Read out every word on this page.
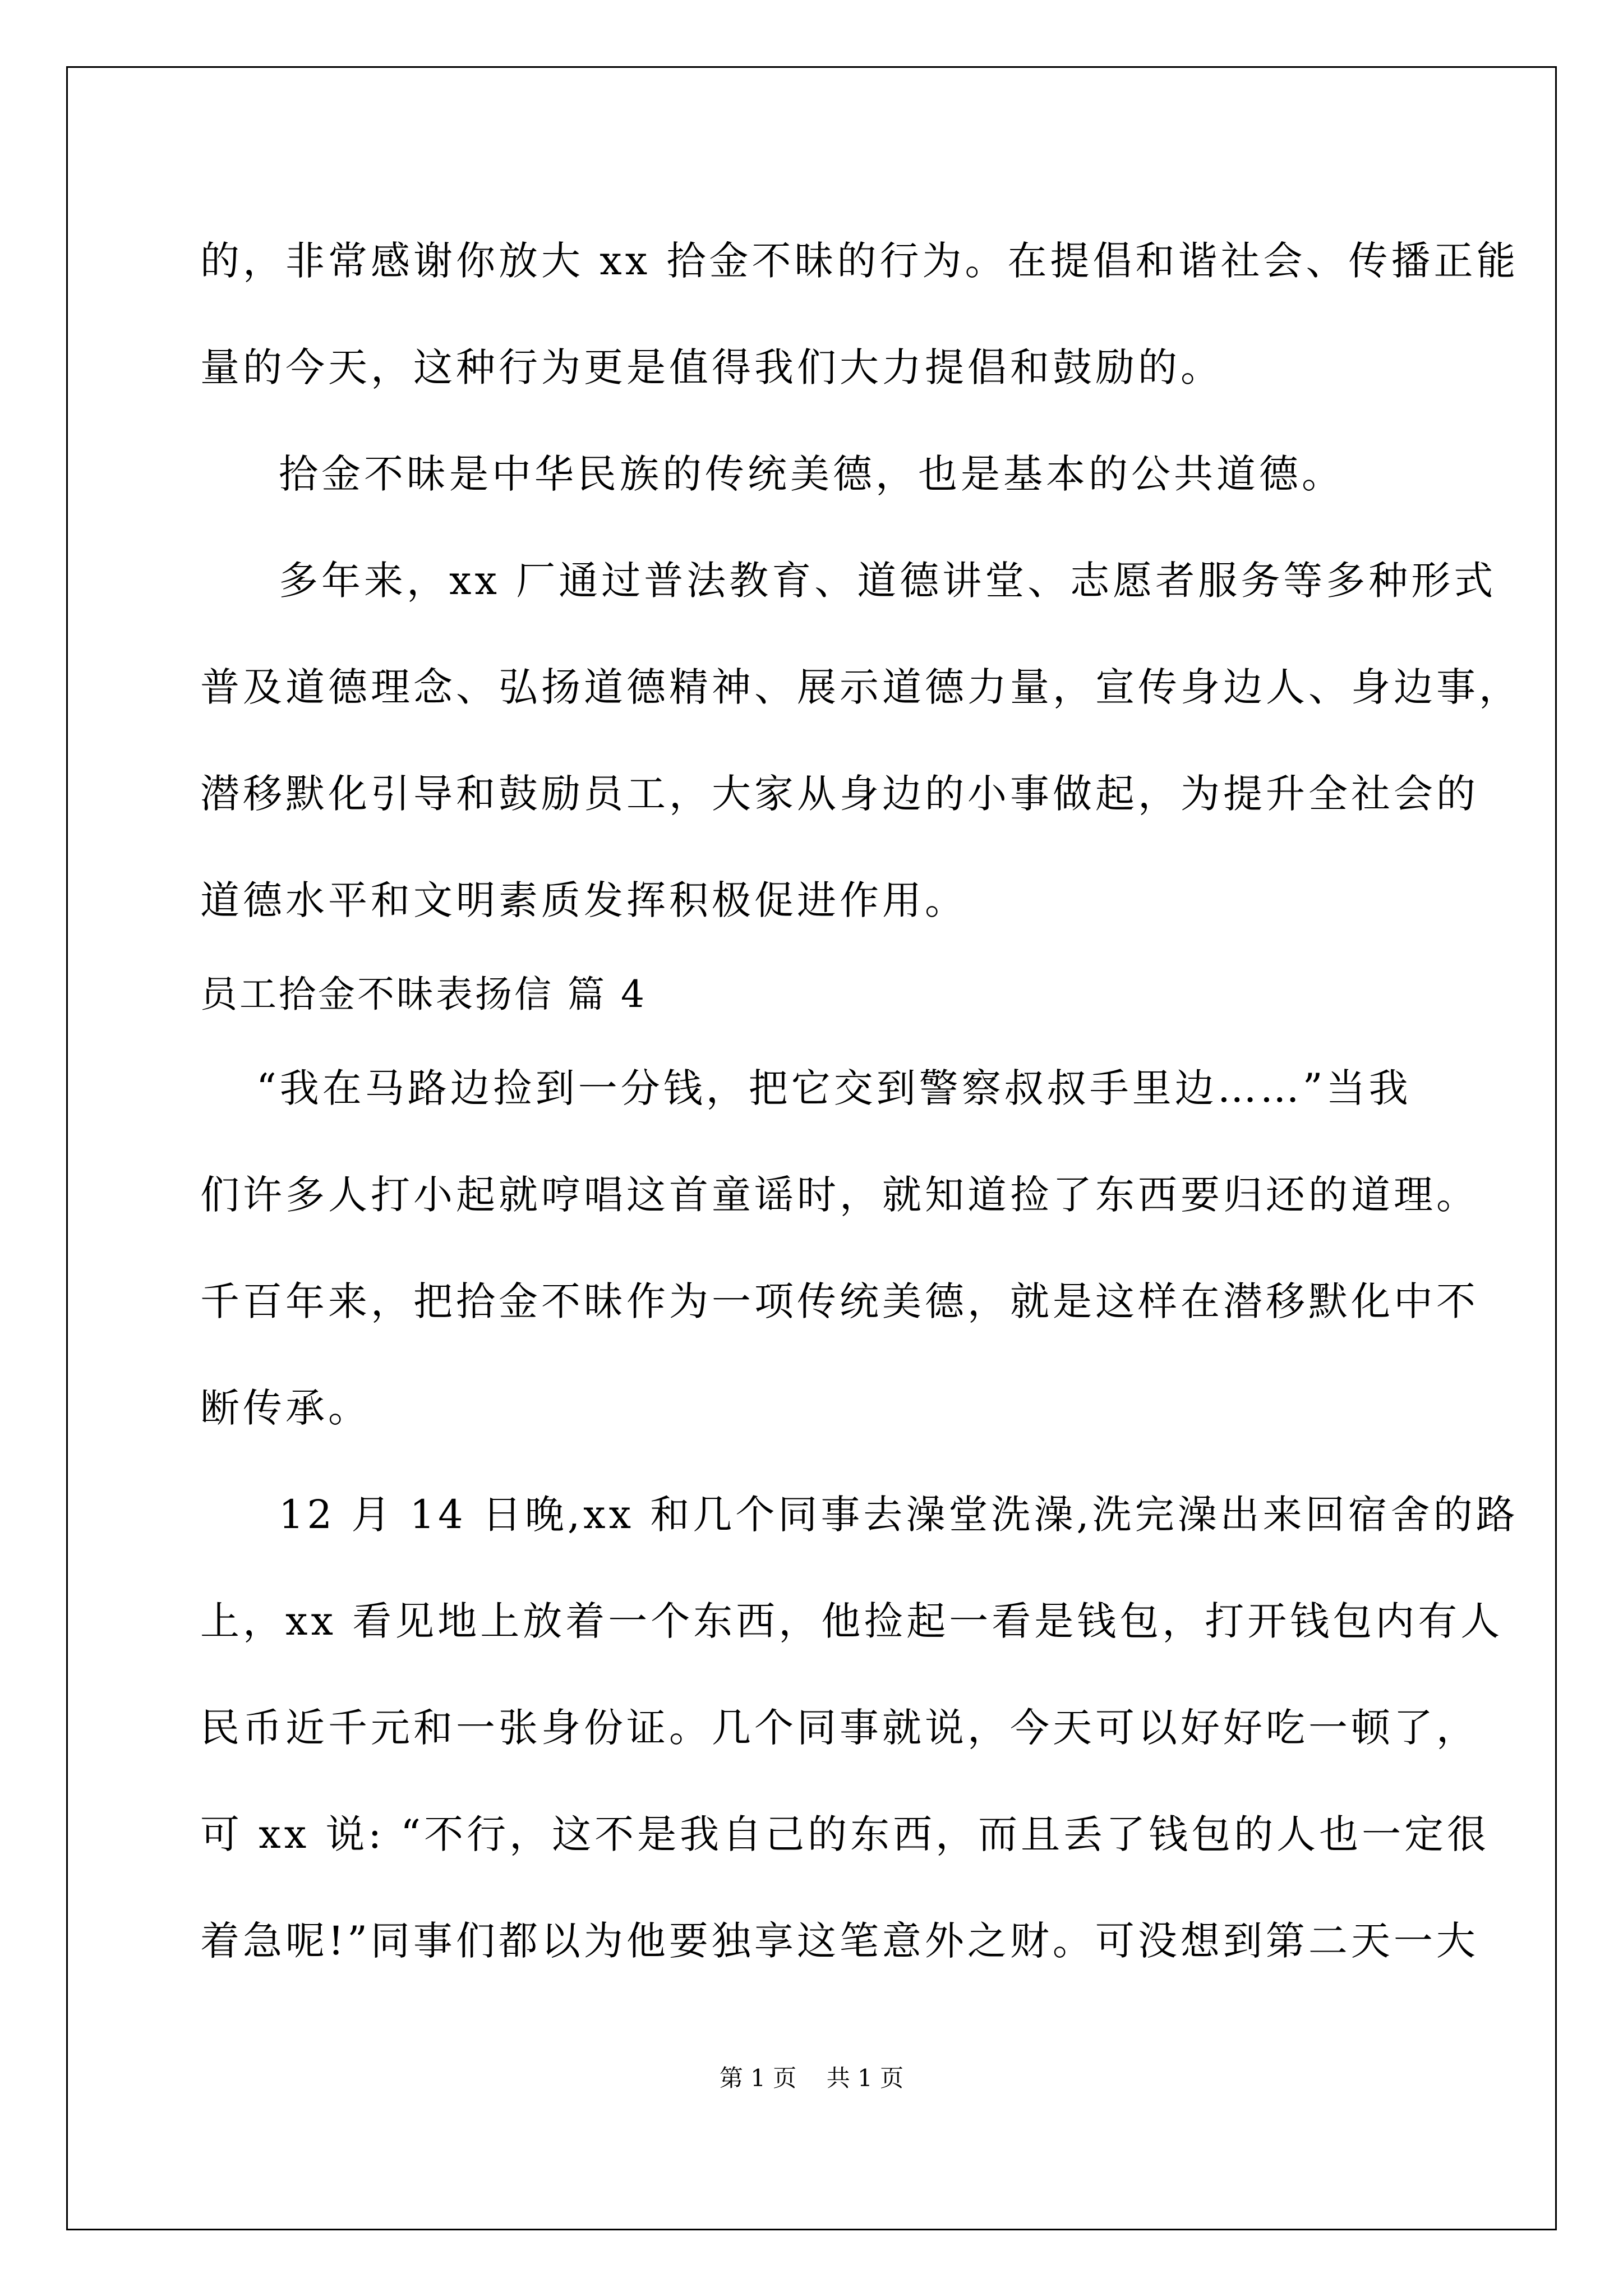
的，非常感谢你放大 xx 拾金不昧的行为。在提倡和谐社会、传播正能
量的今天，这种行为更是值得我们大力提倡和鼓励的。
拾金不昧是中华民族的传统美德，也是基本的公共道德。
多年来，xx 厂通过普法教育、道德讲堂、志愿者服务等多种形式
普及道德理念、弘扬道德精神、展示道德力量，宣传身边人、身边事，
潜移默化引导和鼓励员工，大家从身边的小事做起，为提升全社会的
道德水平和文明素质发挥积极促进作用。
员工拾金不昧表扬信 篇 4
“我在马路边捡到一分钱，把它交到警察叔叔手里边……”当我
们许多人打小起就哼唱这首童谣时，就知道捡了东西要归还的道理。
千百年来，把拾金不昧作为一项传统美德，就是这样在潜移默化中不
断传承。
12 月 14 日晚,xx 和几个同事去澡堂洗澡,洗完澡出来回宿舍的路
上，xx 看见地上放着一个东西，他捡起一看是钱包，打开钱包内有人
民币近千元和一张身份证。几个同事就说，今天可以好好吃一顿了，
可 xx 说: “不行，这不是我自己的东西，而且丢了钱包的人也一定很
着急呢!”同事们都以为他要独享这笔意外之财。可没想到第二天一大
第 1 页    共 1 页
